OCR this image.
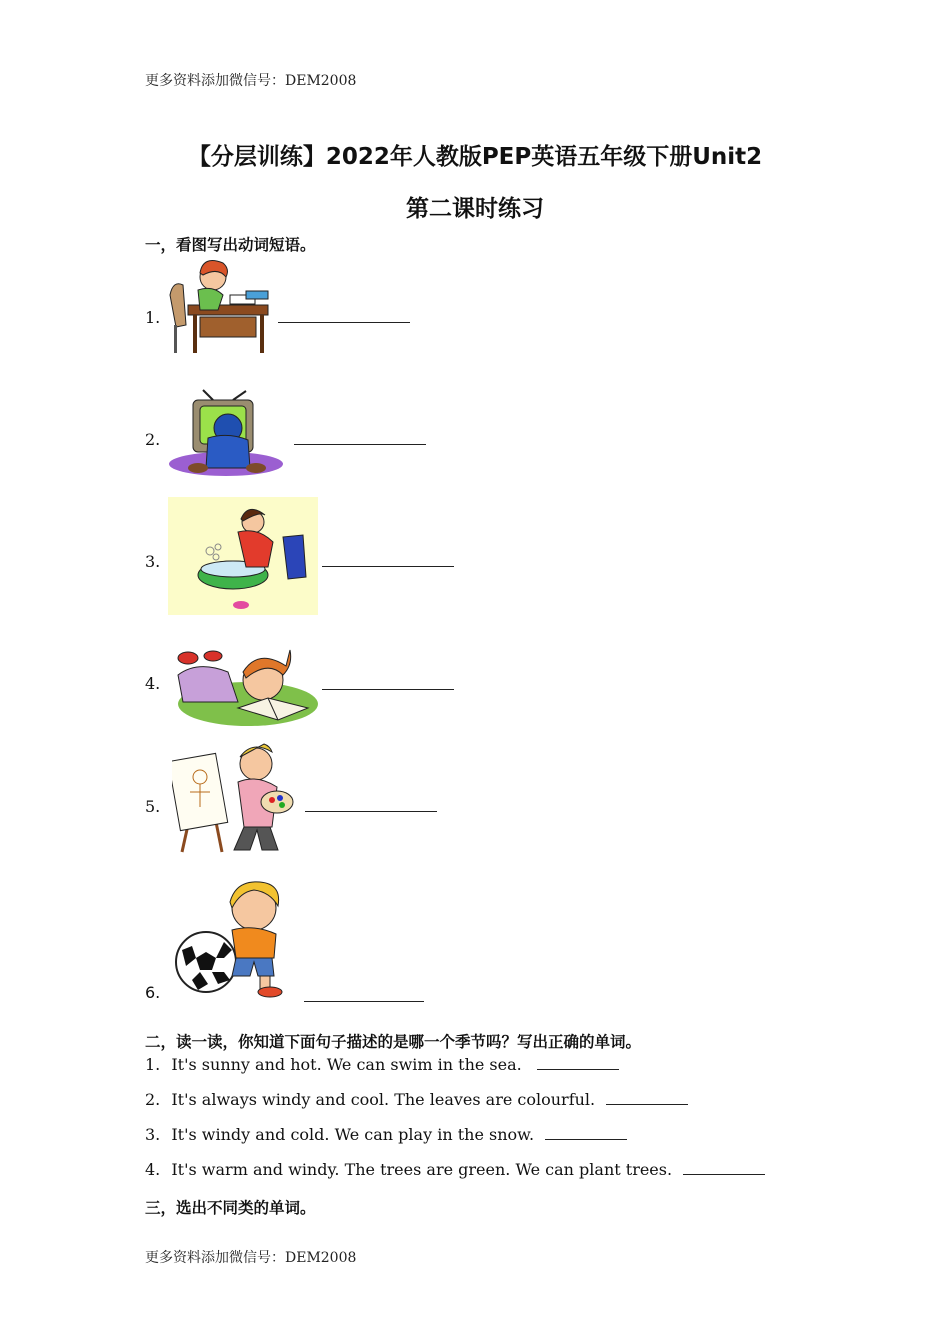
更多资料添加微信号：DEM2008
【分层训练】2022年人教版PEP英语五年级下册Unit2
第二课时练习
一，看图写出动词短语。
1.
2.
3.
4.
5.
6.
二，读一读，你知道下面句子描述的是哪一个季节吗？写出正确的单词。
1. It's sunny and hot. We can swim in the sea.
2. It's always windy and cool. The leaves are colourful.
3. It's windy and cold. We can play in the snow.
4. It's warm and windy. The trees are green. We can plant trees.
三，选出不同类的单词。
更多资料添加微信号：DEM2008
